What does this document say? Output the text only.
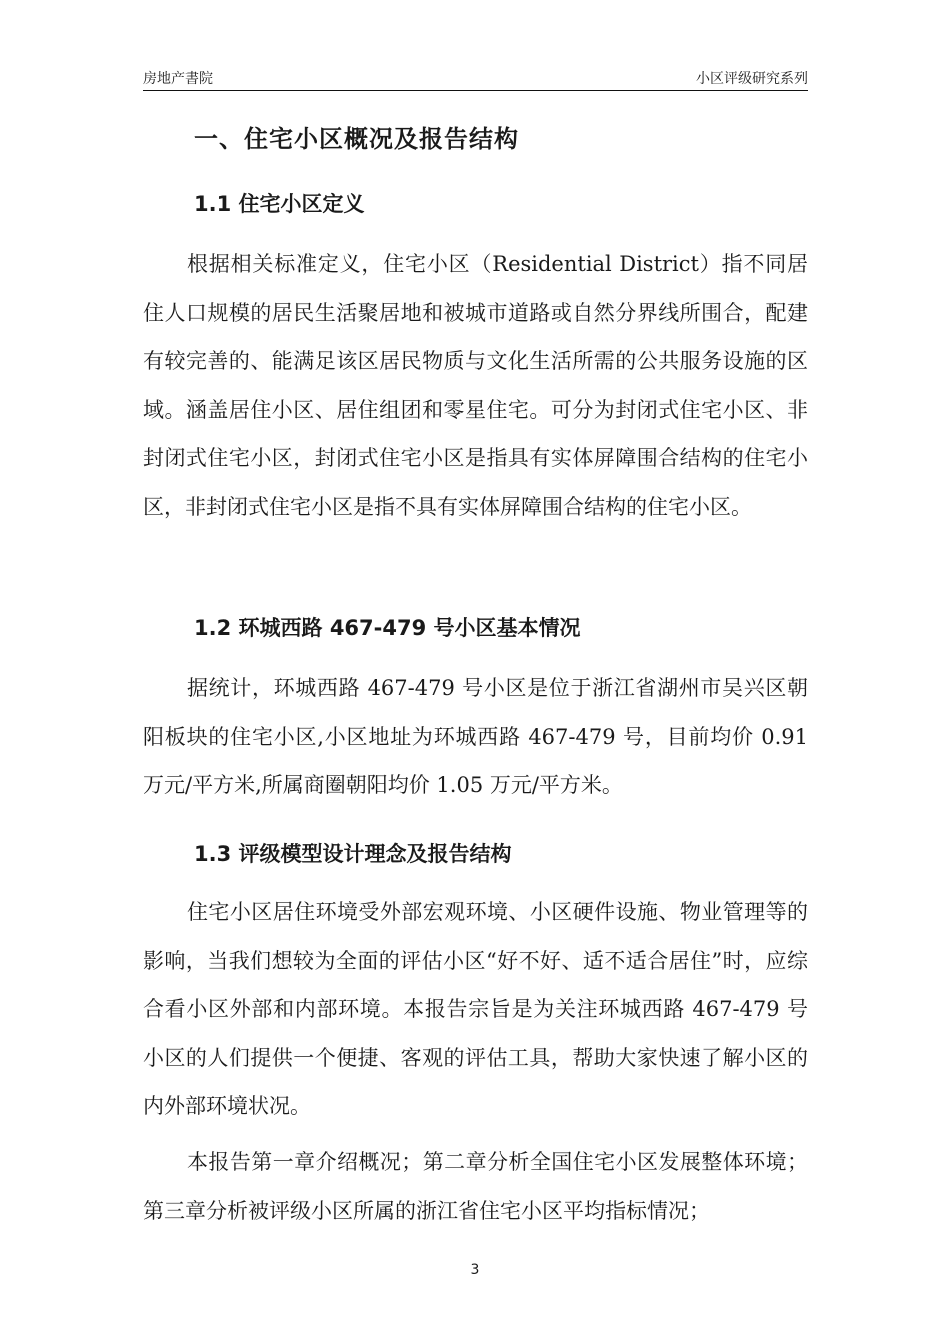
房地产書院	小区评级研究系列
一、住宅小区概况及报告结构
1.1 住宅小区定义
根据相关标准定义，住宅小区（Residential District）指不同居住人口规模的居民生活聚居地和被城市道路或自然分界线所围合，配建有较完善的、能满足该区居民物质与文化生活所需的公共服务设施的区域。涵盖居住小区、居住组团和零星住宅。可分为封闭式住宅小区、非封闭式住宅小区，封闭式住宅小区是指具有实体屏障围合结构的住宅小区，非封闭式住宅小区是指不具有实体屏障围合结构的住宅小区。
1.2 环城西路 467-479 号小区基本情况
据统计，环城西路 467-479 号小区是位于浙江省湖州市吴兴区朝阳板块的住宅小区,小区地址为环城西路 467-479 号，目前均价 0.91 万元/平方米,所属商圈朝阳均价 1.05 万元/平方米。
1.3 评级模型设计理念及报告结构
住宅小区居住环境受外部宏观环境、小区硬件设施、物业管理等的影响，当我们想较为全面的评估小区“好不好、适不适合居住”时，应综合看小区外部和内部环境。本报告宗旨是为关注环城西路 467-479 号小区的人们提供一个便捷、客观的评估工具，帮助大家快速了解小区的内外部环境状况。
本报告第一章介绍概况；第二章分析全国住宅小区发展整体环境；第三章分析被评级小区所属的浙江省住宅小区平均指标情况；
3
